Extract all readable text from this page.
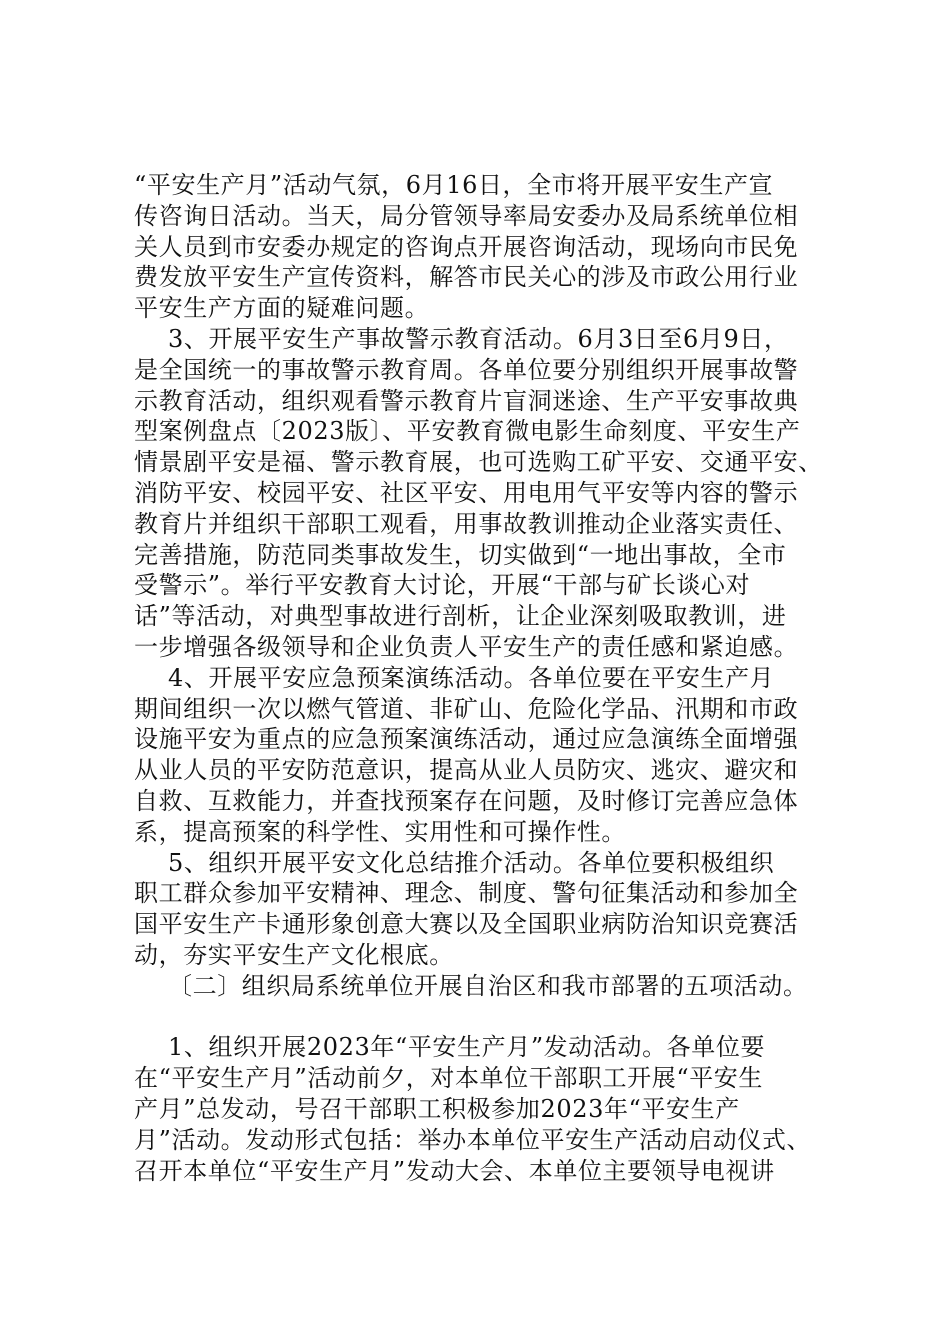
“平安生产月”活动气氛，6月16日，全市将开展平安生产宣
传咨询日活动。当天，局分管领导率局安委办及局系统单位相
关人员到市安委办规定的咨询点开展咨询活动，现场向市民免
费发放平安生产宣传资料，解答市民关心的涉及市政公用行业
平安生产方面的疑难问题。
3、开展平安生产事故警示教育活动。6月3日至6月9日，
是全国统一的事故警示教育周。各单位要分别组织开展事故警
示教育活动，组织观看警示教育片盲洞迷途、生产平安事故典
型案例盘点〔2023版〕、平安教育微电影生命刻度、平安生产
情景剧平安是福、警示教育展，也可选购工矿平安、交通平安、
消防平安、校园平安、社区平安、用电用气平安等内容的警示
教育片并组织干部职工观看，用事故教训推动企业落实责任、
完善措施，防范同类事故发生，切实做到“一地出事故，全市
受警示”。举行平安教育大讨论，开展“干部与矿长谈心对
话”等活动，对典型事故进行剖析，让企业深刻吸取教训，进
一步增强各级领导和企业负责人平安生产的责任感和紧迫感。
4、开展平安应急预案演练活动。各单位要在平安生产月
期间组织一次以燃气管道、非矿山、危险化学品、汛期和市政
设施平安为重点的应急预案演练活动，通过应急演练全面增强
从业人员的平安防范意识，提高从业人员防灾、逃灾、避灾和
自救、互救能力，并查找预案存在问题，及时修订完善应急体
系，提高预案的科学性、实用性和可操作性。
5、组织开展平安文化总结推介活动。各单位要积极组织
职工群众参加平安精神、理念、制度、警句征集活动和参加全
国平安生产卡通形象创意大赛以及全国职业病防治知识竞赛活
动，夯实平安生产文化根底。
〔二〕组织局系统单位开展自治区和我市部署的五项活动。
1、组织开展2023年“平安生产月”发动活动。各单位要
在“平安生产月”活动前夕，对本单位干部职工开展“平安生
产月”总发动，号召干部职工积极参加2023年“平安生产
月”活动。发动形式包括：举办本单位平安生产活动启动仪式、
召开本单位“平安生产月”发动大会、本单位主要领导电视讲
